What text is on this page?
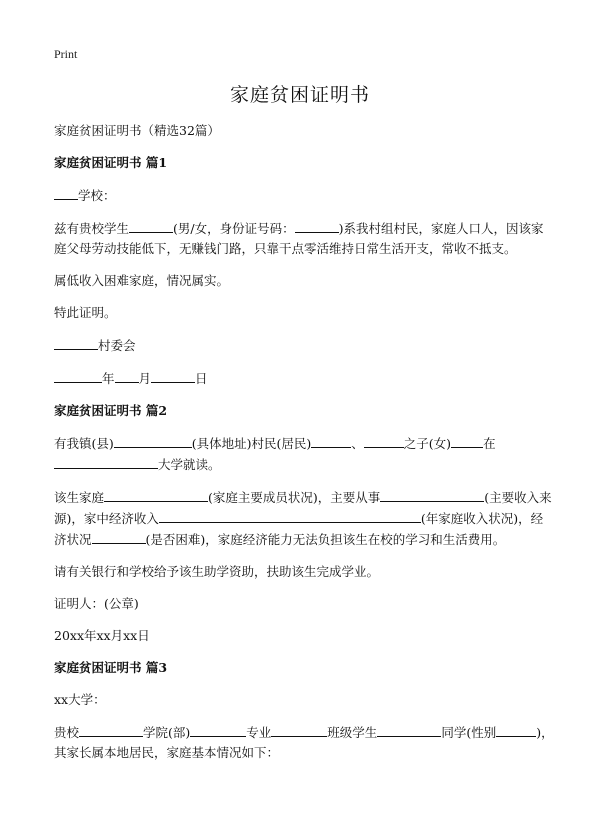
Print
家庭贫困证明书

家庭贫困证明书（精选32篇）

家庭贫困证明书 篇1

学校：

兹有贵校学生	(男/女，身份证号码：	)系我村组村民，家庭人口人，因该家庭父母劳动技能低下，无赚钱门路，只靠干点零活维持日常生活开支，常收不抵支。

属低收入困难家庭，情况属实。

特此证明。

村委会

年 月	日

家庭贫困证明书 篇2

有我镇(县)	(具体地址)村民(居民)	、	之子(女)	在
大学就读。

该生家庭	(家庭主要成员状况)，主要从事	(主要收入来源)，家中经济收入	(年家庭收入状况)，经济状况	(是否困难)，家庭经济能力无法负担该生在校的学习和生活费用。

请有关银行和学校给予该生助学资助，扶助该生完成学业。

证明人：(公章)

20xx年xx月xx日

家庭贫困证明书 篇3

xx大学：

贵校	学院(部)	专业	班级学生	同学(性别	)，其家长属本地居民，家庭基本情况如下：
